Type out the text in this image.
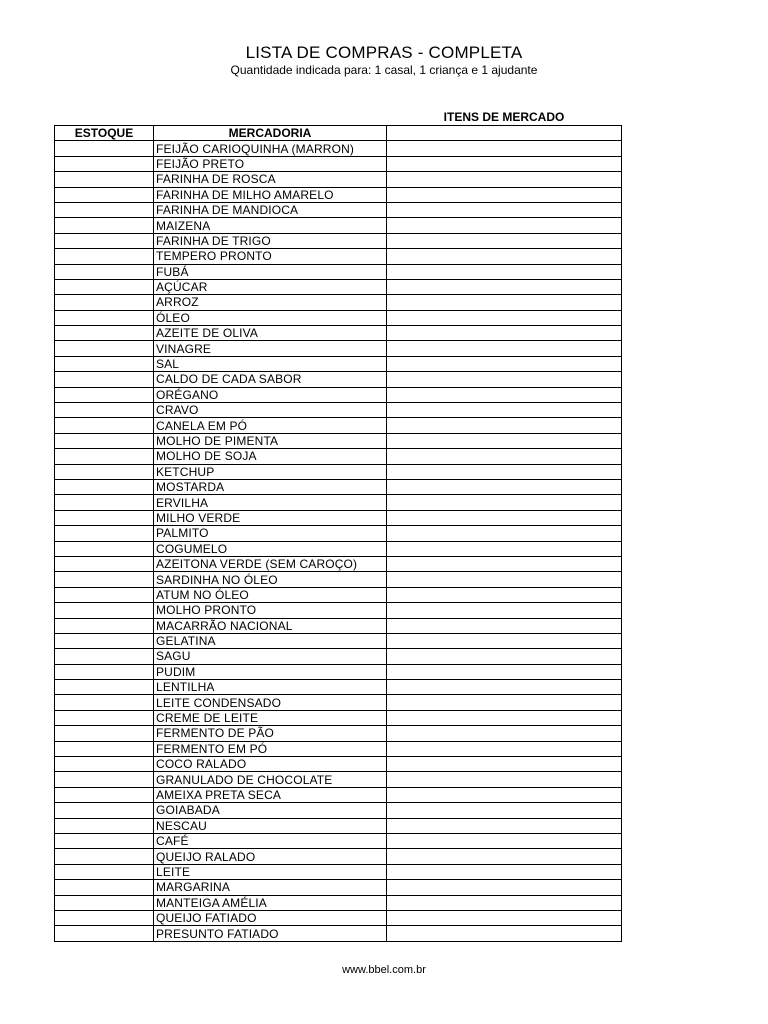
LISTA DE COMPRAS - COMPLETA
Quantidade indicada para: 1 casal, 1 criança e 1 ajudante
ITENS DE MERCADO
ESTOQUE	MERCADORIA	
	FEIJÃO CARIOQUINHA (MARRON)	
	FEIJÃO PRETO	
	FARINHA DE ROSCA	
	FARINHA DE MILHO AMARELO	
	FARINHA DE MANDIOCA	
	MAIZENA	
	FARINHA DE TRIGO	
	TEMPERO PRONTO	
	FUBÁ	
	AÇÚCAR	
	ARROZ	
	ÓLEO	
	AZEITE DE OLIVA	
	VINAGRE	
	SAL	
	CALDO DE CADA SABOR	
	ORÉGANO	
	CRAVO	
	CANELA EM PÓ	
	MOLHO DE PIMENTA	
	MOLHO DE SOJA	
	KETCHUP	
	MOSTARDA	
	ERVILHA	
	MILHO VERDE	
	PALMITO	
	COGUMELO	
	AZEITONA VERDE (SEM CAROÇO)	
	SARDINHA NO ÓLEO	
	ATUM NO ÓLEO	
	MOLHO PRONTO	
	MACARRÃO NACIONAL	
	GELATINA	
	SAGU	
	PUDIM	
	LENTILHA	
	LEITE CONDENSADO	
	CREME DE LEITE	
	FERMENTO DE PÃO	
	FERMENTO EM PÓ	
	COCO RALADO	
	GRANULADO DE CHOCOLATE	
	AMEIXA PRETA SECA	
	GOIABADA	
	NESCAU	
	CAFÉ	
	QUEIJO RALADO	
	LEITE	
	MARGARINA	
	MANTEIGA AMÉLIA	
	QUEIJO FATIADO	
	PRESUNTO FATIADO	
www.bbel.com.br
